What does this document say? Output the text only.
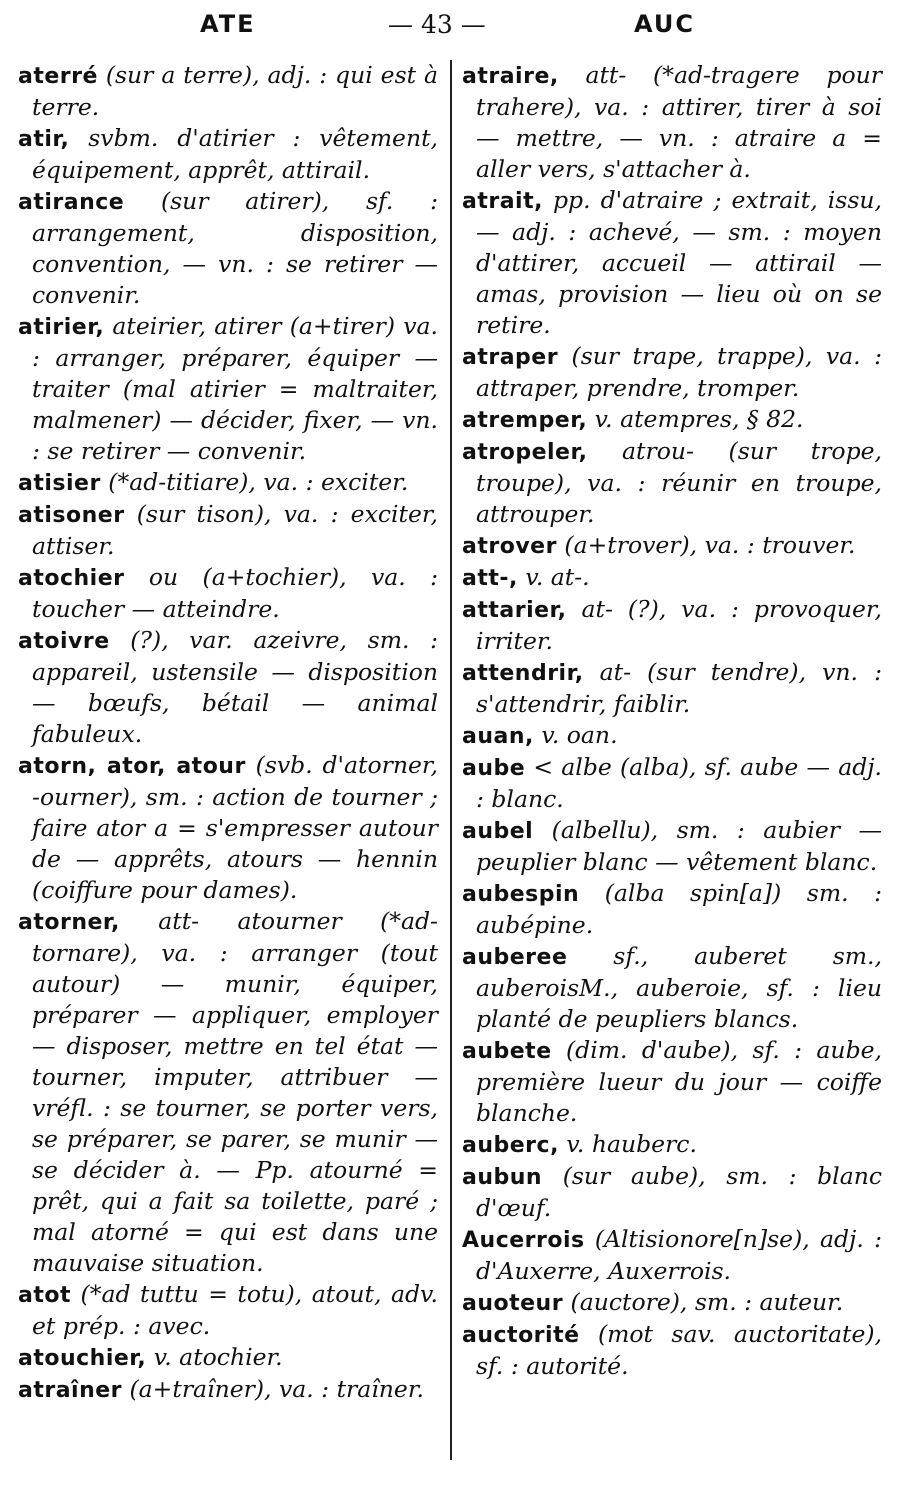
ATE	— 43 —	AUC
aterré (sur a terre), adj. : qui est à terre.
atir, svbm. d'atirier : vêtement, équipement, apprêt, attirail.
atirance (sur atirer), sf. : arrangement, disposition, convention, — vn. : se retirer — convenir.
atirier, ateirier, atirer (a+tirer) va. : arranger, préparer, équiper — traiter (mal atirier = maltraiter, malmener) — décider, fixer, — vn. : se retirer — convenir.
atisier (*ad-titiare), va. : exciter.
atisoner (sur tison), va. : exciter, attiser.
atochier ou (a+tochier), va. : toucher — atteindre.
atoivre (?), var. azeivre, sm. : appareil, ustensile — disposition — bœufs, bétail — animal fabuleux.
atorn, ator, atour (svb. d'atorner, -ourner), sm. : action de tourner ; faire ator a = s'empresser autour de — apprêts, atours — hennin (coiffure pour dames).
atorner, att- atourner (*ad-tornare), va. : arranger (tout autour) — munir, équiper, préparer — appliquer, employer — disposer, mettre en tel état — tourner, imputer, attribuer — vréfl. : se tourner, se porter vers, se préparer, se parer, se munir — se décider à. — Pp. atourné = prêt, qui a fait sa toilette, paré ; mal atorné = qui est dans une mauvaise situation.
atot (*ad tuttu = totu), atout, adv. et prép. : avec.
atouchier, v. atochier.
atraîner (a+traîner), va. : traîner.
atraire, att- (*ad-tragere pour trahere), va. : attirer, tirer à soi — mettre, — vn. : atraire a = aller vers, s'attacher à.
atrait, pp. d'atraire ; extrait, issu, — adj. : achevé, — sm. : moyen d'attirer, accueil — attirail — amas, provision — lieu où on se retire.
atraper (sur trape, trappe), va. : attraper, prendre, tromper.
atremper, v. atempres, § 82.
atropeler, atrou- (sur trope, troupe), va. : réunir en troupe, attrouper.
atrover (a+trover), va. : trouver.
att-, v. at-.
attarier, at- (?), va. : provoquer, irriter.
attendrir, at- (sur tendre), vn. : s'attendrir, faiblir.
auan, v. oan.
aube < albe (alba), sf. aube — adj. : blanc.
aubel (albellu), sm. : aubier — peuplier blanc — vêtement blanc.
aubespin (alba spin[a]) sm. : aubépine.
auberee sf., auberet sm., auberoisM., auberoie, sf. : lieu planté de peupliers blancs.
aubete (dim. d'aube), sf. : aube, première lueur du jour — coiffe blanche.
auberc, v. hauberc.
aubun (sur aube), sm. : blanc d'œuf.
Aucerrois (Altisionore[n]se), adj. : d'Auxerre, Auxerrois.
auoteur (auctore), sm. : auteur.
auctorité (mot sav. auctoritate), sf. : autorité.
